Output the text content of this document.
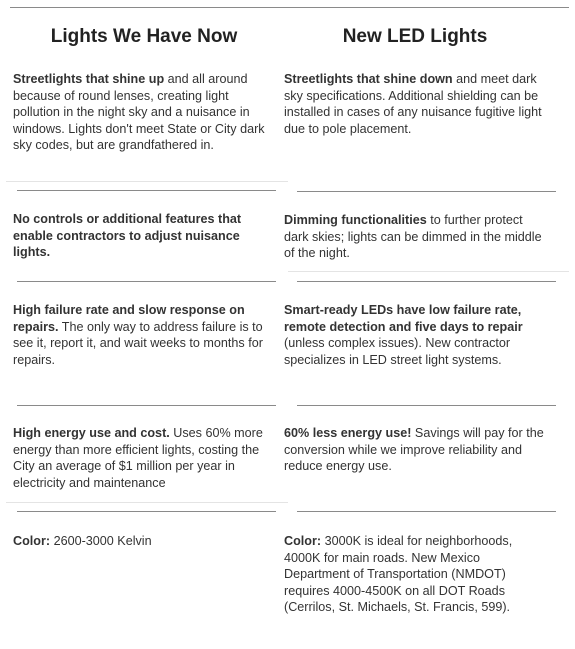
Lights We Have Now
Streetlights that shine up and all around because of round lenses, creating light pollution in the night sky and a nuisance in windows. Lights don't meet State or City dark sky codes, but are grandfathered in.
No controls or additional features that enable contractors to adjust nuisance lights.
High failure rate and slow response on repairs. The only way to address failure is to see it, report it, and wait weeks to months for repairs.
High energy use and cost. Uses 60% more energy than more efficient lights, costing the City an average of $1 million per year in electricity and maintenance
Color: 2600-3000 Kelvin
New LED Lights
Streetlights that shine down and meet dark sky specifications. Additional shielding can be installed in cases of any nuisance fugitive light due to pole placement.
Dimming functionalities to further protect dark skies; lights can be dimmed in the middle of the night.
Smart-ready LEDs have low failure rate, remote detection and five days to repair (unless complex issues). New contractor specializes in LED street light systems.
60% less energy use! Savings will pay for the conversion while we improve reliability and reduce energy use.
Color: 3000K is ideal for neighborhoods, 4000K for main roads. New Mexico Department of Transportation (NMDOT) requires 4000-4500K on all DOT Roads (Cerrilos, St. Michaels, St. Francis, 599).
